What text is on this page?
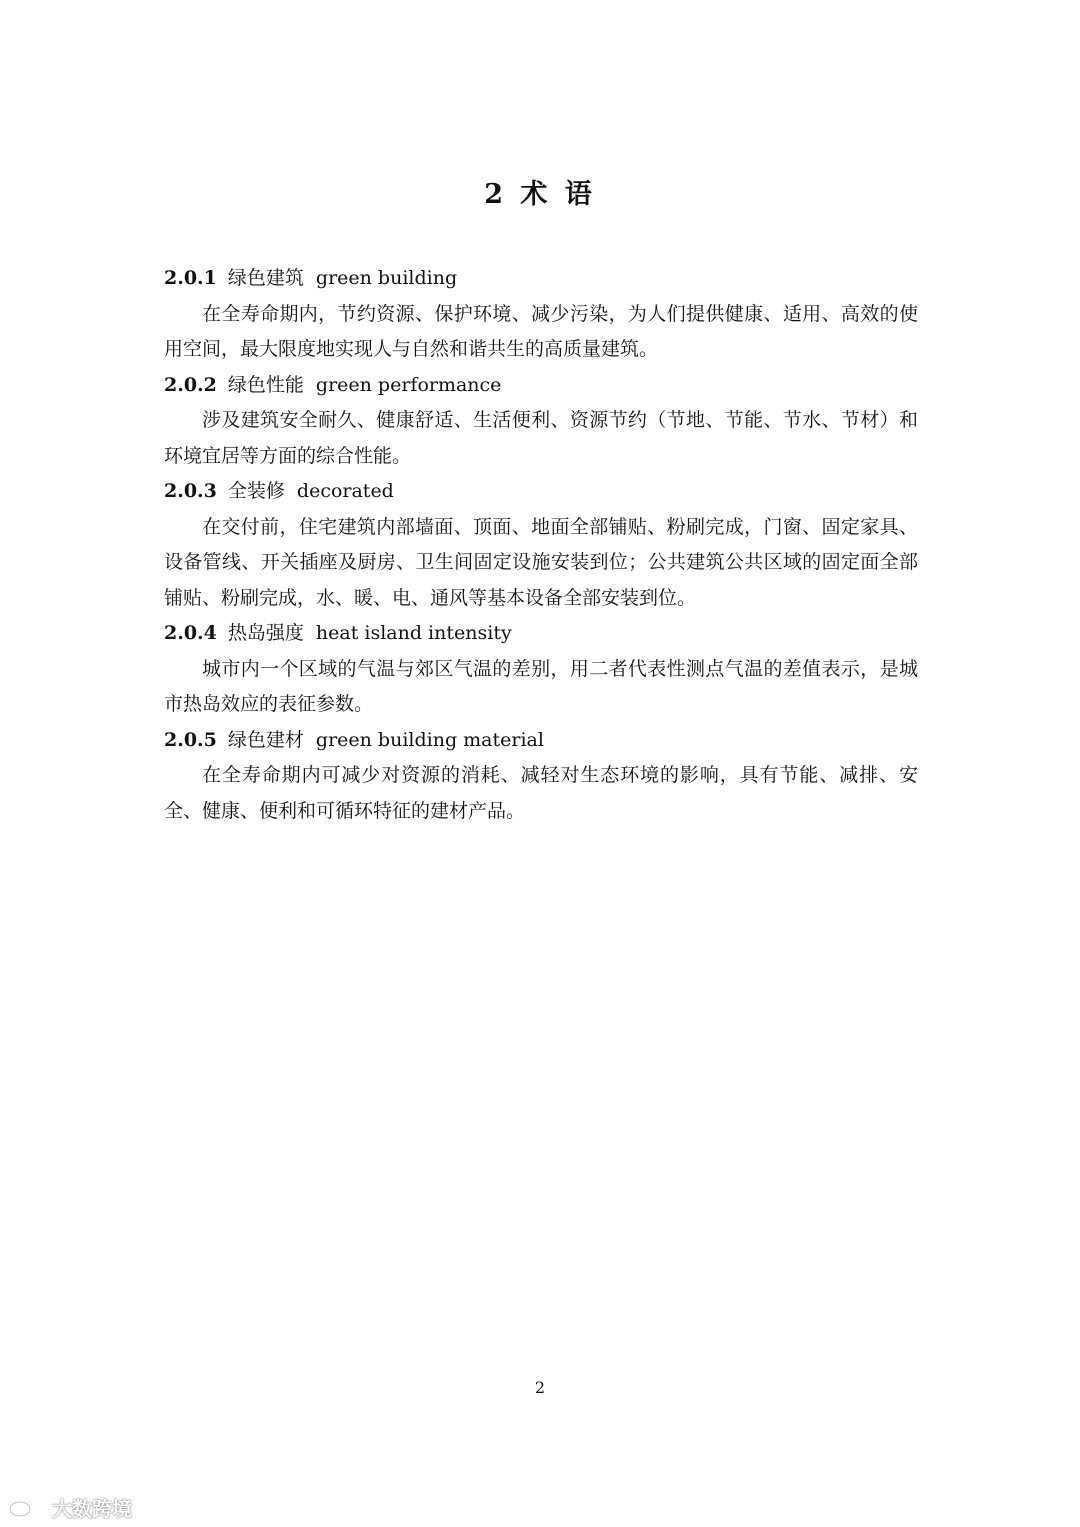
2 术 语
2.0.1 绿色建筑 green building

在全寿命期内，节约资源、保护环境、减少污染，为人们提供健康、适用、高效的使用空间，最大限度地实现人与自然和谐共生的高质量建筑。

2.0.2 绿色性能 green performance

涉及建筑安全耐久、健康舒适、生活便利、资源节约（节地、节能、节水、节材）和环境宜居等方面的综合性能。

2.0.3 全装修 decorated

在交付前，住宅建筑内部墙面、顶面、地面全部铺贴、粉刷完成，门窗、固定家具、设备管线、开关插座及厨房、卫生间固定设施安装到位；公共建筑公共区域的固定面全部铺贴、粉刷完成，水、暖、电、通风等基本设备全部安装到位。

2.0.4 热岛强度 heat island intensity

城市内一个区域的气温与郊区气温的差别，用二者代表性测点气温的差值表示，是城市热岛效应的表征参数。

2.0.5 绿色建材 green building material

在全寿命期内可减少对资源的消耗、减轻对生态环境的影响，具有节能、减排、安全、健康、便利和可循环特征的建材产品。

2
大数跨境
